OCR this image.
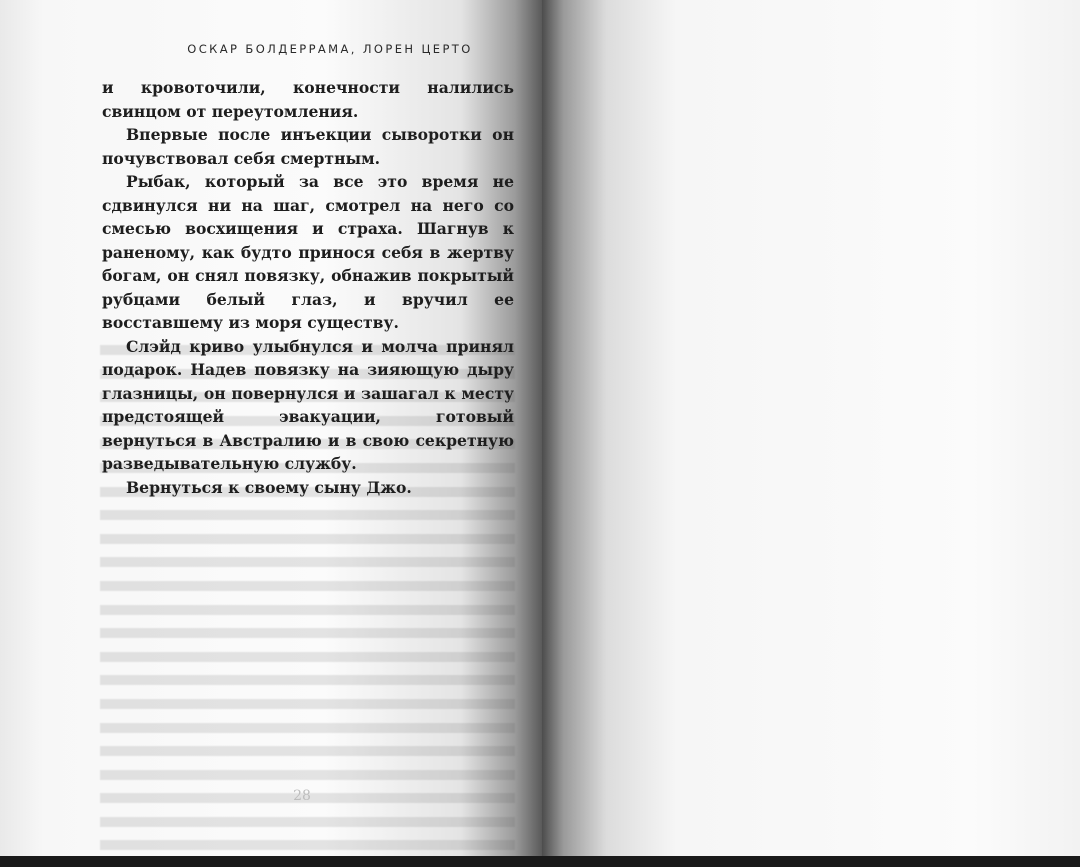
ОСКАР БОЛДЕРРАМА, ЛОРЕН ЦЕРТО

и кровоточили, конечности налились свинцом от переутомления.

Впервые после инъекции сыворотки он почувствовал себя смертным.

Рыбак, который за все это время не сдвинулся ни на шаг, смотрел на него со смесью восхищения и страха. Шагнув к раненому, как будто принося себя в жертву богам, он снял повязку, обнажив покрытый рубцами белый глаз, и вручил ее восставшему из моря существу.

Слэйд криво улыбнулся и молча принял подарок. Надев повязку на зияющую дыру глазницы, он повернулся и зашагал к месту предстоящей эвакуации, готовый вернуться в Австралию и в свою секретную разведывательную службу.

Вернуться к своему сыну Джо.

28
